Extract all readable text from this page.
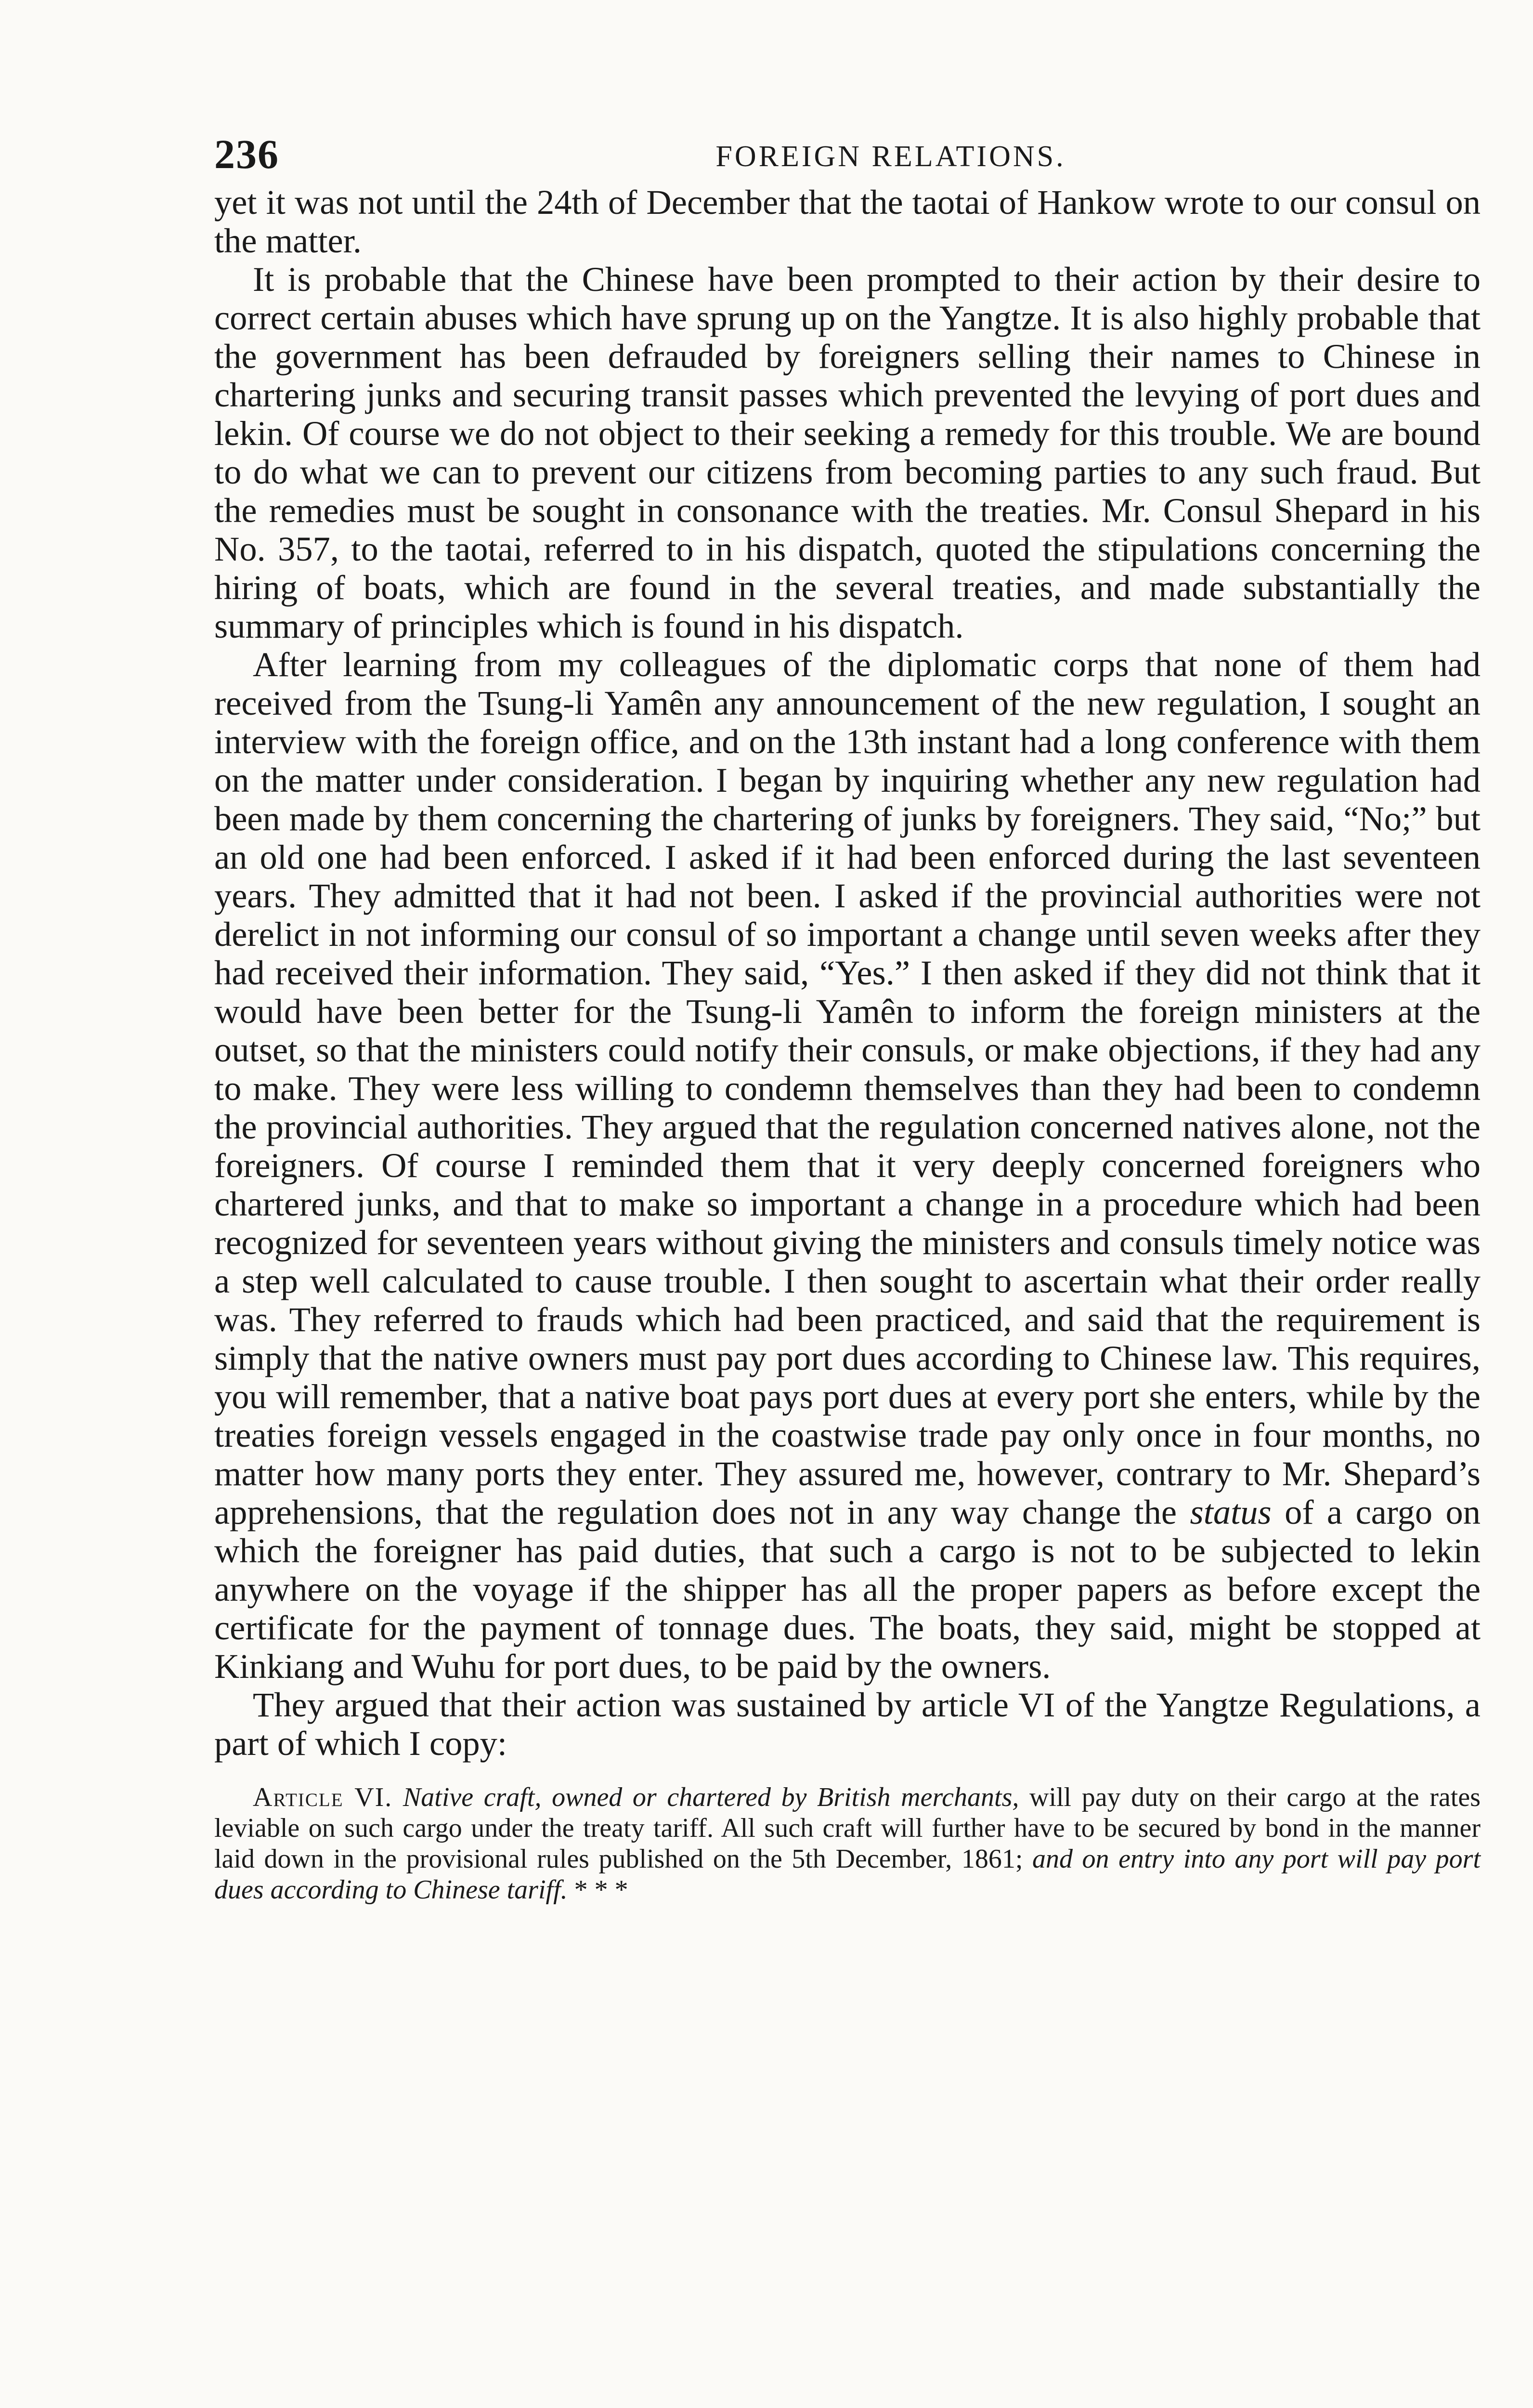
236	FOREIGN RELATIONS.

yet it was not until the 24th of December that the taotai of Hankow wrote to our consul on the matter.

It is probable that the Chinese have been prompted to their action by their desire to correct certain abuses which have sprung up on the Yangtze. It is also highly probable that the government has been defrauded by foreigners selling their names to Chinese in chartering junks and securing transit passes which prevented the levying of port dues and lekin. Of course we do not object to their seeking a remedy for this trouble. We are bound to do what we can to prevent our citizens from becoming parties to any such fraud. But the remedies must be sought in consonance with the treaties. Mr. Consul Shepard in his No. 357, to the taotai, referred to in his dispatch, quoted the stipulations concerning the hiring of boats, which are found in the several treaties, and made substantially the summary of principles which is found in his dispatch.

After learning from my colleagues of the diplomatic corps that none of them had received from the Tsung-li Yamên any announcement of the new regulation, I sought an interview with the foreign office, and on the 13th instant had a long conference with them on the matter under consideration. I began by inquiring whether any new regulation had been made by them concerning the chartering of junks by foreigners. They said, “No;” but an old one had been enforced. I asked if it had been enforced during the last seventeen years. They admitted that it had not been. I asked if the provincial authorities were not derelict in not informing our consul of so important a change until seven weeks after they had received their information. They said, “Yes.” I then asked if they did not think that it would have been better for the Tsung-li Yamên to inform the foreign ministers at the outset, so that the ministers could notify their consuls, or make objections, if they had any to make. They were less willing to condemn themselves than they had been to condemn the provincial authorities. They argued that the regulation concerned natives alone, not the foreigners. Of course I reminded them that it very deeply concerned foreigners who chartered junks, and that to make so important a change in a procedure which had been recognized for seventeen years without giving the ministers and consuls timely notice was a step well calculated to cause trouble. I then sought to ascertain what their order really was. They referred to frauds which had been practiced, and said that the requirement is simply that the native owners must pay port dues according to Chinese law. This requires, you will remember, that a native boat pays port dues at every port she enters, while by the treaties foreign vessels engaged in the coastwise trade pay only once in four months, no matter how many ports they enter. They assured me, however, contrary to Mr. Shepard’s apprehensions, that the regulation does not in any way change the status of a cargo on which the foreigner has paid duties, that such a cargo is not to be subjected to lekin anywhere on the voyage if the shipper has all the proper papers as before except the certificate for the payment of tonnage dues. The boats, they said, might be stopped at Kinkiang and Wuhu for port dues, to be paid by the owners.

They argued that their action was sustained by article VI of the Yangtze Regulations, a part of which I copy:

Article VI. Native craft, owned or chartered by British merchants, will pay duty on their cargo at the rates leviable on such cargo under the treaty tariff. All such craft will further have to be secured by bond in the manner laid down in the provisional rules published on the 5th December, 1861; and on entry into any port will pay port dues according to Chinese tariff. * * *
